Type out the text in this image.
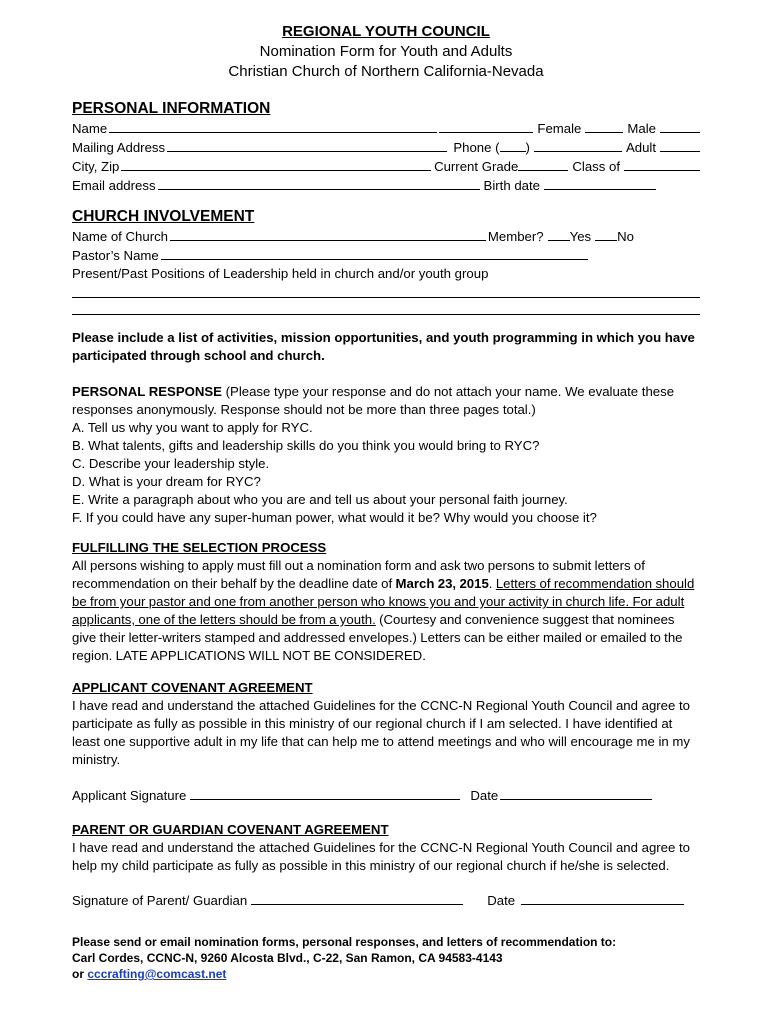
REGIONAL YOUTH COUNCIL
Nomination Form for Youth and Adults
Christian Church of Northern California-Nevada
PERSONAL INFORMATION
Name	Female	Male
Mailing Address	Phone ( )	Adult
City, Zip	Current Grade	Class of
Email address	Birth date
CHURCH INVOLVEMENT
Name of Church	Member? Yes No
Pastor’s Name
Present/Past Positions of Leadership held in church and/or youth group

Please include a list of activities, mission opportunities, and youth programming in which you have participated through school and church.

PERSONAL RESPONSE (Please type your response and do not attach your name. We evaluate these responses anonymously. Response should not be more than three pages total.)

A. Tell us why you want to apply for RYC.
B. What talents, gifts and leadership skills do you think you would bring to RYC?
C. Describe your leadership style.
D. What is your dream for RYC?
E. Write a paragraph about who you are and tell us about your personal faith journey.
F. If you could have any super-human power, what would it be? Why would you choose it?
FULFILLING THE SELECTION PROCESS

All persons wishing to apply must fill out a nomination form and ask two persons to submit letters of recommendation on their behalf by the deadline date of March 23, 2015. Letters of recommendation should be from your pastor and one from another person who knows you and your activity in church life. For adult applicants, one of the letters should be from a youth. (Courtesy and convenience suggest that nominees give their letter-writers stamped and addressed envelopes.) Letters can be either mailed or emailed to the region. LATE APPLICATIONS WILL NOT BE CONSIDERED.

APPLICANT COVENANT AGREEMENT

I have read and understand the attached Guidelines for the CCNC-N Regional Youth Council and agree to participate as fully as possible in this ministry of our regional church if I am selected. I have identified at least one supportive adult in my life that can help me to attend meetings and who will encourage me in my ministry.

Applicant Signature	Date
PARENT OR GUARDIAN COVENANT AGREEMENT

I have read and understand the attached Guidelines for the CCNC-N Regional Youth Council and agree to help my child participate as fully as possible in this ministry of our regional church if he/she is selected.

Signature of Parent/ Guardian	Date
Please send or email nomination forms, personal responses, and letters of recommendation to:
Carl Cordes, CCNC-N, 9260 Alcosta Blvd., C-22, San Ramon, CA 94583-4143
or cccrafting@comcast.net
